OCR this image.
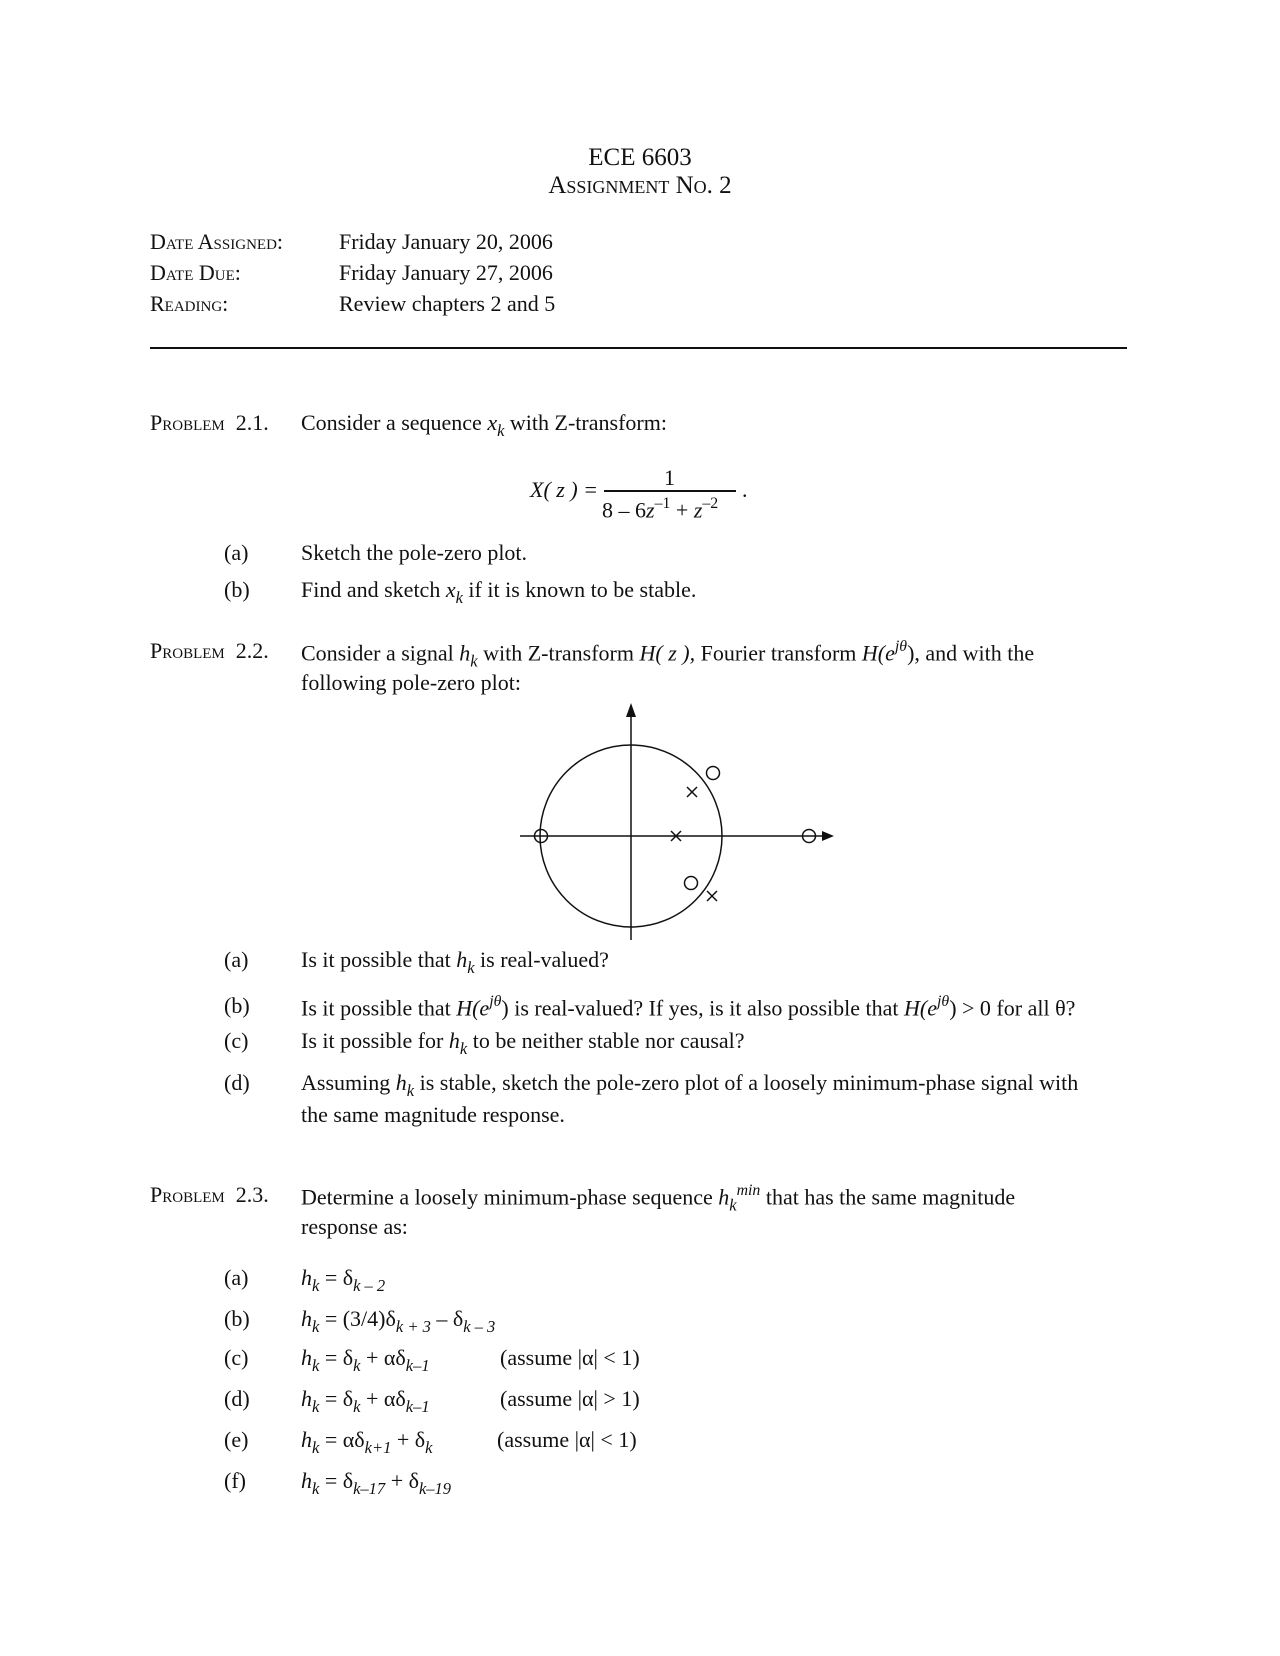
ECE 6603
Assignment No. 2
Date Assigned:	Friday January 20, 2006
Date Due:	Friday January 27, 2006
Reading:	Review chapters 2 and 5
Problem 2.1. Consider a sequence $x_k$ with Z-transform:
X( z ) =	1
$8 - 6z^{-1} + z^{-2}$
.
(a) Sketch the pole-zero plot.
(b) Find and sketch $x_k$ if it is known to be stable.
Problem 2.2. Consider a signal $h_k$ with Z-transform H( z ), Fourier transform $H(e^{j\theta})$, and with the
following pole-zero plot:
(a) Is it possible that $h_k$ is real-valued?
(b) Is it possible that $H(e^{j\theta})$ is real-valued? If yes, is it also possible that $H(e^{j\theta}) > 0$ for all θ?
(c) Is it possible for $h_k$ to be neither stable nor causal?
(d) Assuming $h_k$ is stable, sketch the pole-zero plot of a loosely minimum-phase signal with
the same magnitude response.
Problem 2.3. Determine a loosely minimum-phase sequence $h_k^{min}$ that has the same magnitude
response as:
(a) $h_k = \delta_{k - 2}$
(b) $h_k = (3/4)\delta_{k + 3} - \delta_{k - 3}$
(c) $h_k = \delta_k + \alpha\delta_{k-1}$	(assume |α| < 1)
(d) $h_k = \delta_k + \alpha\delta_{k-1}$	(assume |α| > 1)
(e) $h_k = \alpha\delta_{k+1} + \delta_k$	(assume |α| < 1)
(f)	$h_k = \delta_{k-17} + \delta_{k-19}$
